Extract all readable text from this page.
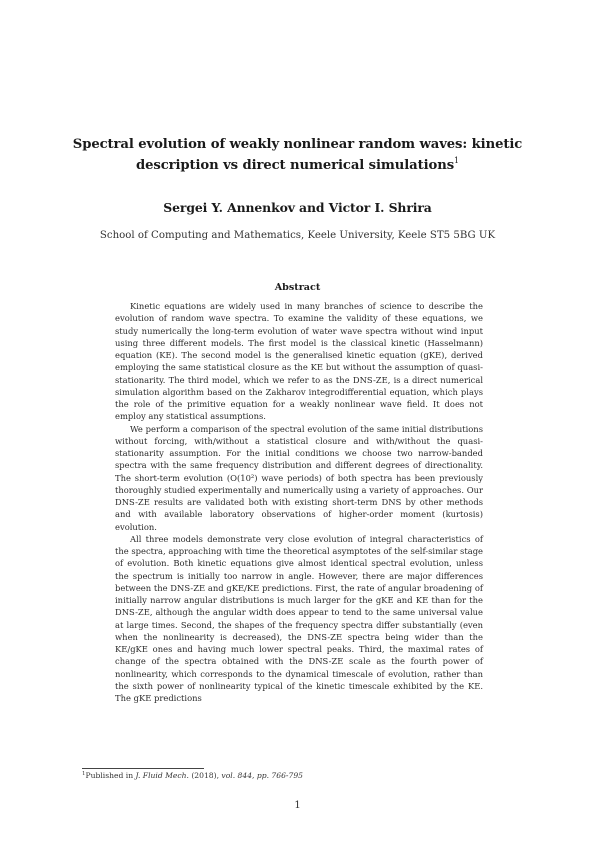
Spectral evolution of weakly nonlinear random waves: kinetic description vs direct numerical simulations$^1$
Sergei Y. Annenkov and Victor I. Shrira
School of Computing and Mathematics, Keele University, Keele ST5 5BG UK
Abstract

Kinetic equations are widely used in many branches of science to describe the evolution of random wave spectra. To examine the validity of these equations, we study numerically the long-term evolution of water wave spectra without wind input using three different models. The first model is the classical kinetic (Hasselmann) equation (KE). The second model is the generalised kinetic equation (gKE), derived employing the same statistical closure as the KE but without the assumption of quasi-stationarity. The third model, which we refer to as the DNS-ZE, is a direct numerical simulation algorithm based on the Zakharov integrodifferential equation, which plays the role of the primitive equation for a weakly nonlinear wave field. It does not employ any statistical assumptions.

We perform a comparison of the spectral evolution of the same initial distributions without forcing, with/without a statistical closure and with/without the quasi-stationarity assumption. For the initial conditions we choose two narrow-banded spectra with the same frequency distribution and different degrees of directionality. The short-term evolution (O(10²) wave periods) of both spectra has been previously thoroughly studied experimentally and numerically using a variety of approaches. Our DNS-ZE results are validated both with existing short-term DNS by other methods and with available laboratory observations of higher-order moment (kurtosis) evolution.

All three models demonstrate very close evolution of integral characteristics of the spectra, approaching with time the theoretical asymptotes of the self-similar stage of evolution. Both kinetic equations give almost identical spectral evolution, unless the spectrum is initially too narrow in angle. However, there are major differences between the DNS-ZE and gKE/KE predictions. First, the rate of angular broadening of initially narrow angular distributions is much larger for the gKE and KE than for the DNS-ZE, although the angular width does appear to tend to the same universal value at large times. Second, the shapes of the frequency spectra differ substantially (even when the nonlinearity is decreased), the DNS-ZE spectra being wider than the KE/gKE ones and having much lower spectral peaks. Third, the maximal rates of change of the spectra obtained with the DNS-ZE scale as the fourth power of nonlinearity, which corresponds to the dynamical timescale of evolution, rather than the sixth power of nonlinearity typical of the kinetic timescale exhibited by the KE. The gKE predictions

$^1$Published in J. Fluid Mech. (2018), vol. 844, pp. 766-795
1
